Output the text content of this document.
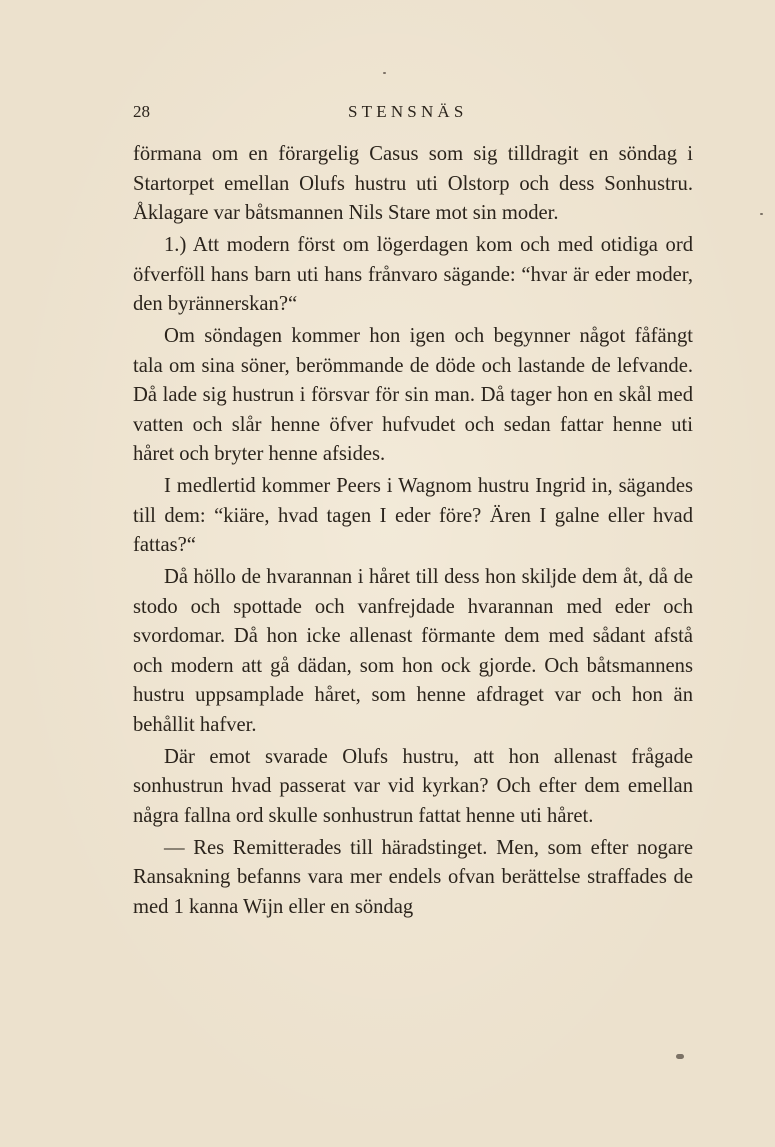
28	STENSNÄS

förmana om en förargelig Casus som sig tilldragit en söndag i Startorpet emellan Olufs hustru uti Olstorp och dess Sonhustru. Åklagare var båtsmannen Nils Stare mot sin moder.

1.) Att modern först om lögerdagen kom och med otidiga ord öfverföll hans barn uti hans frånvaro sägande: “hvar är eder moder, den byrännerskan?“

Om söndagen kommer hon igen och begynner något fåfängt tala om sina söner, berömmande de döde och lastande de lefvande. Då lade sig hustrun i försvar för sin man. Då tager hon en skål med vatten och slår henne öfver hufvudet och sedan fattar henne uti håret och bryter henne afsides.

I medlertid kommer Peers i Wagnom hustru Ingrid in, sägandes till dem: “kiäre, hvad tagen I eder före? Ären I galne eller hvad fattas?“

Då höllo de hvarannan i håret till dess hon skiljde dem åt, då de stodo och spottade och vanfrejdade hvarannan med eder och svordomar. Då hon icke allenast förmante dem med sådant afstå och modern att gå dädan, som hon ock gjorde. Och båtsmannens hustru uppsamplade håret, som henne afdraget var och hon än behållit hafver.

Där emot svarade Olufs hustru, att hon allenast frågade sonhustrun hvad passerat var vid kyrkan? Och efter dem emellan några fallna ord skulle sonhustrun fattat henne uti håret.

— Res Remitterades till häradstinget. Men, som efter nogare Ransakning befanns vara mer endels ofvan berättelse straffades de med 1 kanna Wijn eller en söndag
